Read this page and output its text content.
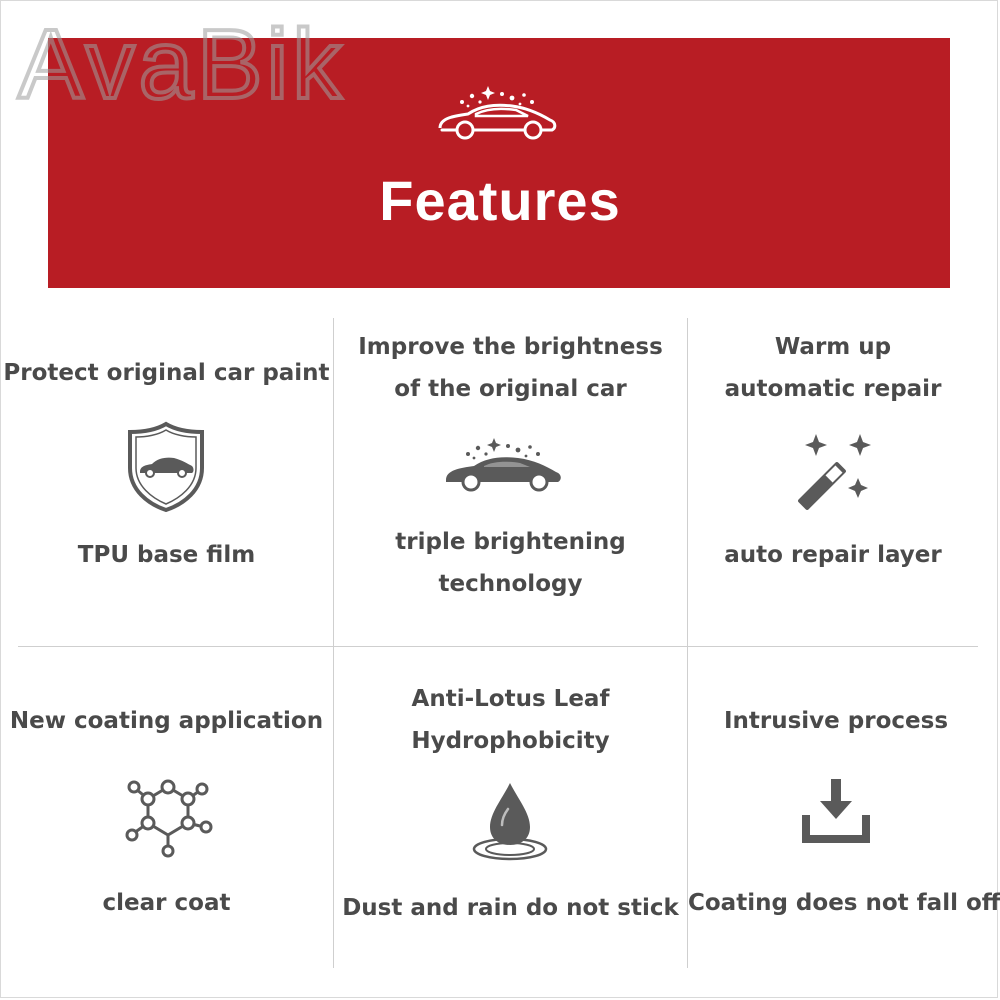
Features
AvaBik
Protect original car paint
TPU base film
Improve the brightness
of the original car
triple brightening
technology
Warm up
automatic repair
auto repair layer
New coating application
clear coat
Anti-Lotus Leaf
Hydrophobicity
Dust and rain do not stick
Intrusive process
Coating does not fall off
